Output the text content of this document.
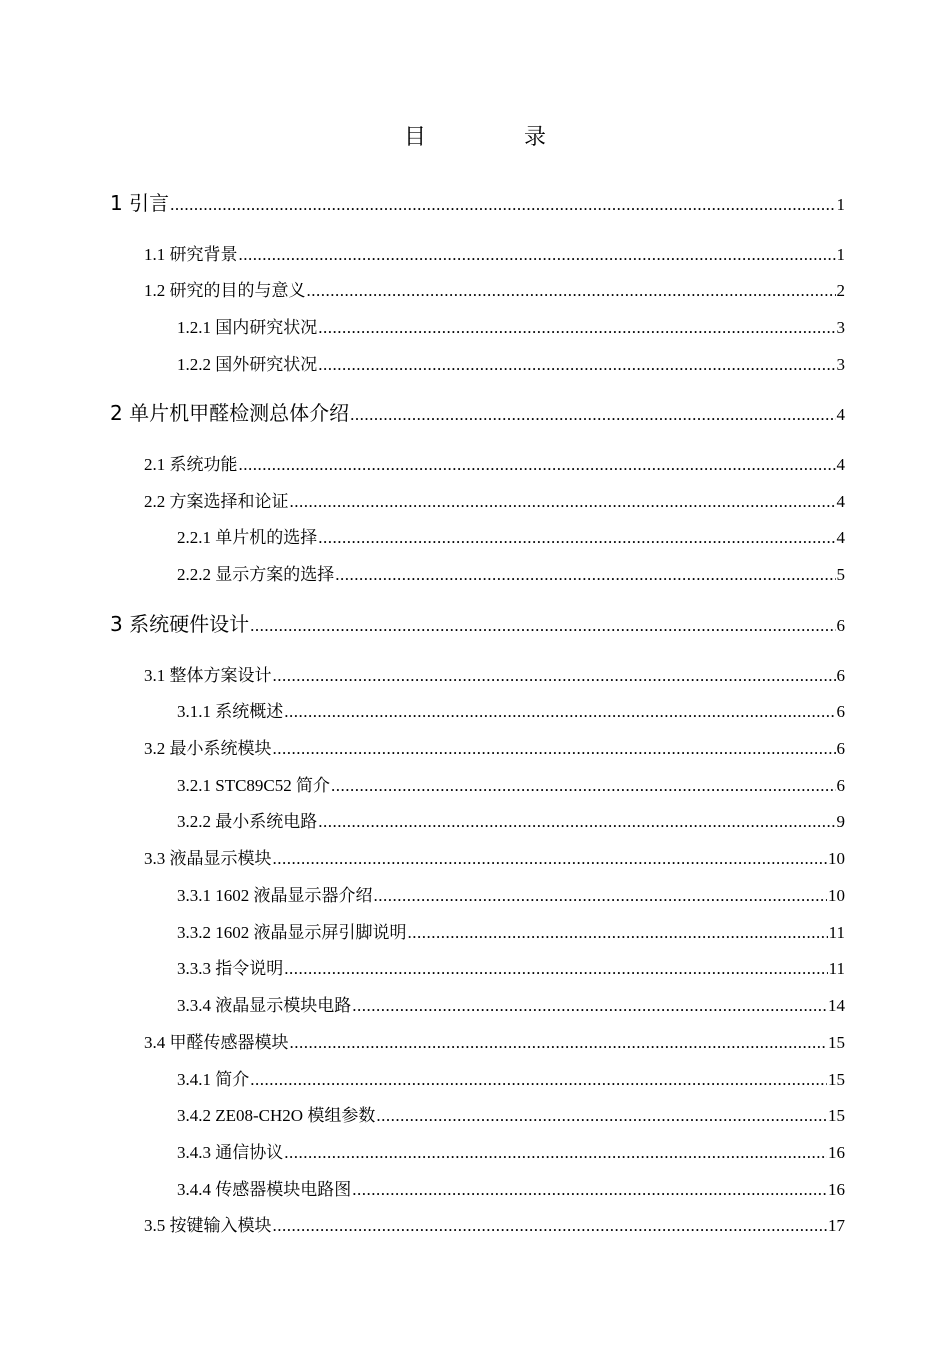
目　录
1 引言 .....	1
1.1 研究背景 .....	1
1.2 研究的目的与意义 .....	2
1.2.1 国内研究状况 .....	3
1.2.2 国外研究状况 .....	3
2 单片机甲醛检测总体介绍 .....	4
2.1 系统功能 .....	4
2.2 方案选择和论证 .....	4
2.2.1 单片机的选择 .....	4
2.2.2 显示方案的选择 .....	5
3 系统硬件设计 .....	6
3.1 整体方案设计 .....	6
3.1.1 系统概述 .....	6
3.2 最小系统模块 .....	6
3.2.1 STC89C52 简介 .....	6
3.2.2 最小系统电路 .....	9
3.3 液晶显示模块 .....	10
3.3.1 1602 液晶显示器介绍 .....	10
3.3.2 1602 液晶显示屏引脚说明 .....	11
3.3.3 指令说明 .....	11
3.3.4 液晶显示模块电路 .....	14
3.4 甲醛传感器模块 .....	15
3.4.1 简介 .....	15
3.4.2 ZE08-CH2O 模组参数 .....	15
3.4.3 通信协议 .....	16
3.4.4 传感器模块电路图 .....	16
3.5 按键输入模块 .....	17
